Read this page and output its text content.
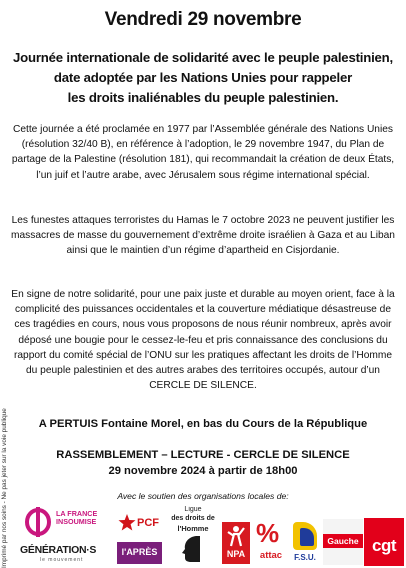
Vendredi 29 novembre
Journée internationale de solidarité avec le peuple palestinien,
date adoptée par les Nations Unies pour rappeler
les droits inaliénables du peuple palestinien.
Cette journée a été proclamée en 1977 par l’Assemblée générale des Nations Unies (résolution 32/40 B), en référence à l’adoption, le 29 novembre 1947, du Plan de partage de la Palestine (résolution 181), qui recommandait la création de deux États, l’un juif et l’autre arabe, avec Jérusalem sous régime international spécial.
Les funestes attaques terroristes du Hamas le 7 octobre 2023 ne peuvent justifier les massacres de masse du gouvernement d’extrême droite israélien à Gaza et au Liban ainsi que le maintien d’un régime d’apartheid en Cisjordanie.
En signe de notre solidarité, pour une paix juste et durable au moyen orient, face à la complicité des puissances occidentales et la couverture médiatique désastreuse de ces tragédies en cours, nous vous proposons de nous réunir nombreux, après avoir déposé une bougie pour le cessez-le-feu et pris connaissance des conclusions du rapport du comité spécial de l’ONU sur les pratiques affectant les droits de l’Homme du peuple palestinien et des autres arabes des territoires occupés, autour d’un
CERCLE DE SILENCE.
A PERTUIS Fontaine Morel, en bas du Cours de la République
RASSEMBLEMENT – LECTURE - CERCLE DE SILENCE
29 novembre 2024 à partir de 18h00
Avec le soutien des organisations locales de:
Imprimé par nos soins - Ne pas jeter sur la voie publique	LA FRANCE INSOUMISE
GÉNÉRATION·S
le mouvement
PCF
l'APRÈS
Ligue
des droits de
l'Homme
NPA
%
attac	F.S.U.
Gauche cgt
